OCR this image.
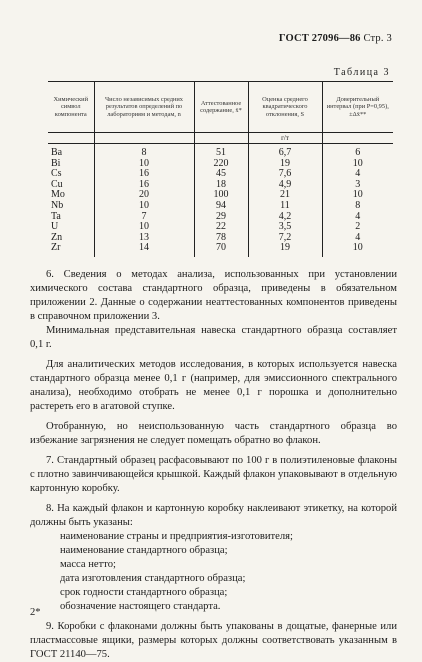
ГОСТ 27096—86 Стр. 3
Таблица 3
Химический символ компонента	Число независимых средних результатов определений по лабораториям и методам, n	Аттестованное содержание, x̄*	Оценка среднего квадратического отклонения, S	Доверительный интервал (при P=0,95), ±Δx̄**
			г/т	
Ba	8	51	6,7	6
Bi	10	220	19	10
Cs	16	45	7,6	4
Cu	16	18	4,9	3
Mo	20	100	21	10
Nb	10	94	11	8
Ta	7	29	4,2	4
U	10	22	3,5	2
Zn	13	78	7,2	4
Zr	14	70	19	10

6. Сведения о методах анализа, использованных при установлении химического состава стандартного образца, приведены в обязательном приложении 2. Данные о содержании неаттестованных компонентов приведены в справочном приложении 3.

Минимальная представительная навеска стандартного образца составляет 0,1 г.

Для аналитических методов исследования, в которых используется навеска стандартного образца менее 0,1 г (например, для эмиссионного спектрального анализа), необходимо отобрать не менее 0,1 г порошка и дополнительно растереть его в агатовой ступке.

Отобранную, но неиспользованную часть стандартного образца во избежание загрязнения не следует помещать обратно во флакон.

7. Стандартный образец расфасовывают по 100 г в полиэтиленовые флаконы с плотно завинчивающейся крышкой. Каждый флакон упаковывают в отдельную картонную коробку.

8. На каждый флакон и картонную коробку наклеивают этикетку, на которой должны быть указаны:

наименование страны и предприятия-изготовителя;

наименование стандартного образца;

масса нетто;

дата изготовления стандартного образца;

срок годности стандартного образца;

обозначение настоящего стандарта.

9. Коробки с флаконами должны быть упакованы в дощатые, фанерные или пластмассовые ящики, размеры которых должны соответствовать указанным в ГОСТ 21140—75.

2*
